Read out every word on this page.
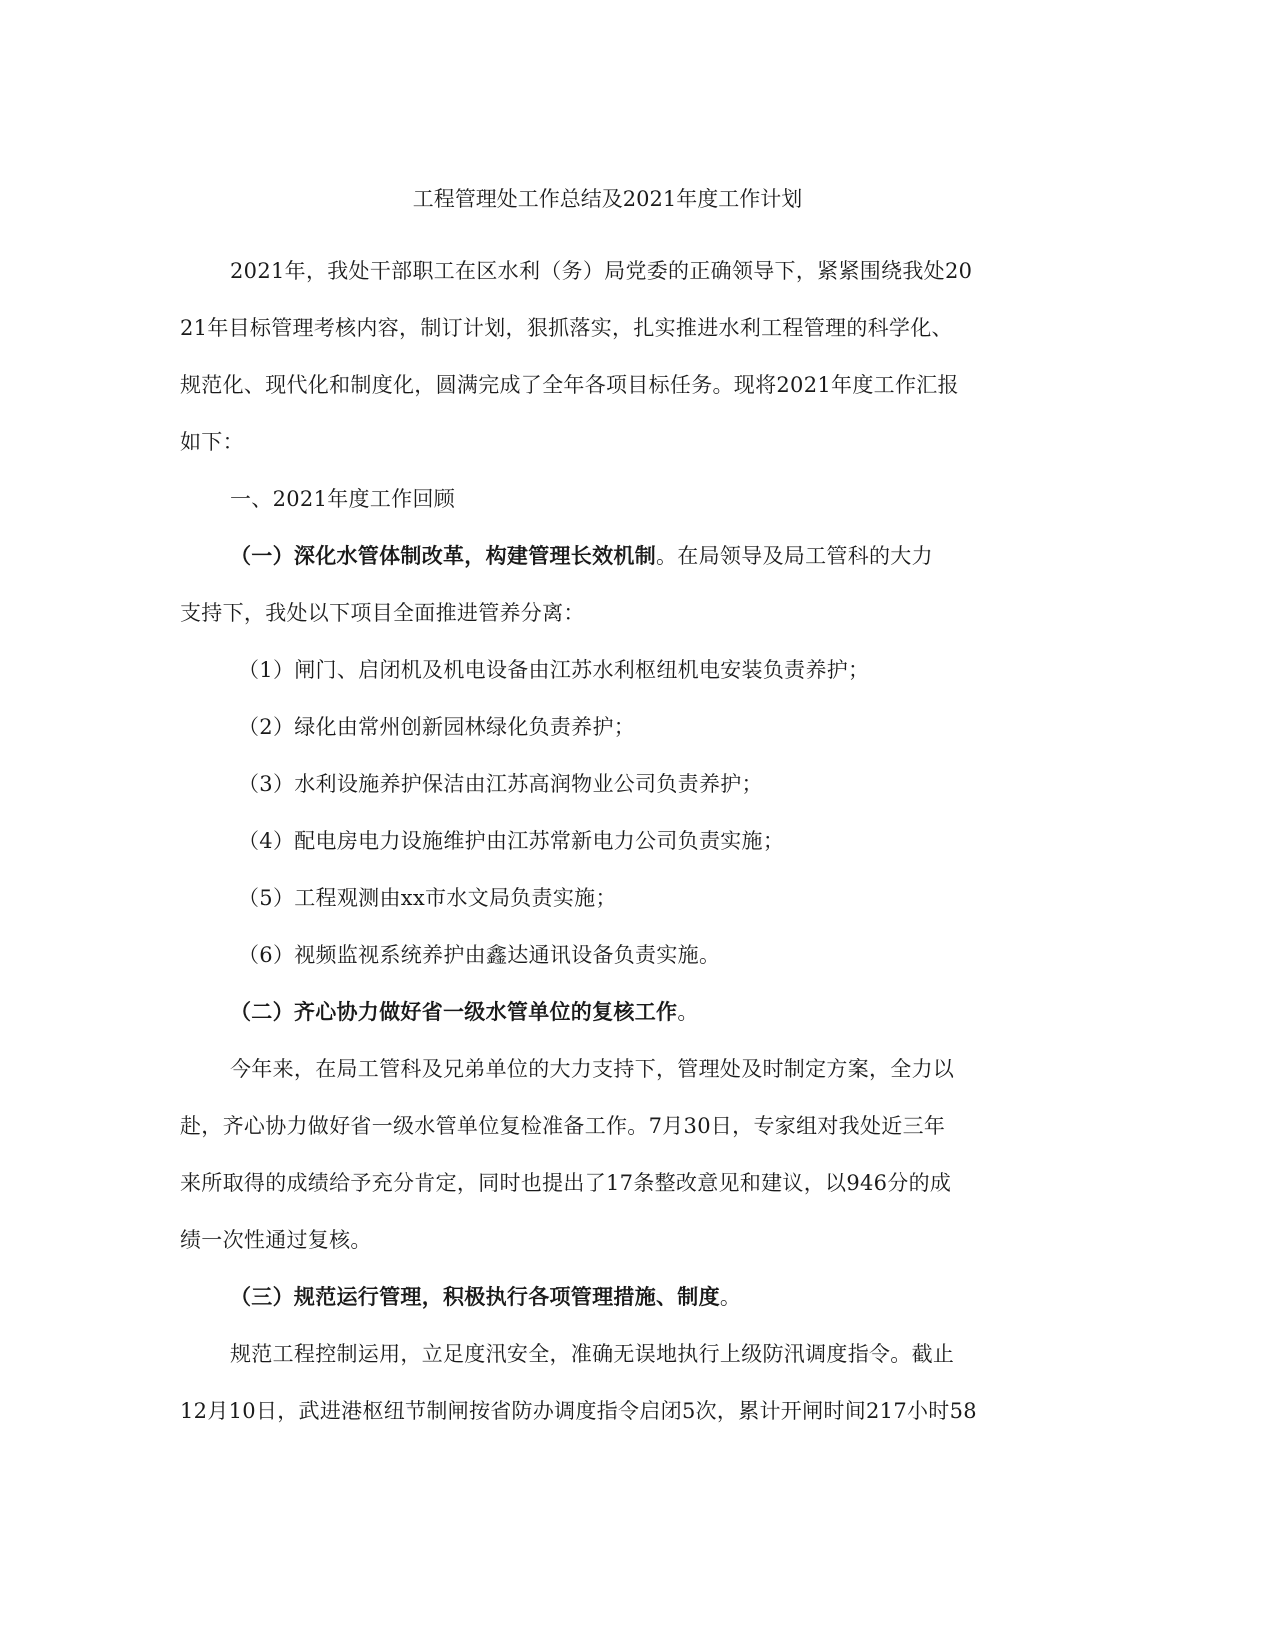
工程管理处工作总结及2021年度工作计划
2021年，我处干部职工在区水利（务）局党委的正确领导下，紧紧围绕我处20
21年目标管理考核内容，制订计划，狠抓落实，扎实推进水利工程管理的科学化、
规范化、现代化和制度化，圆满完成了全年各项目标任务。现将2021年度工作汇报
如下：
一、2021年度工作回顾
（一）深化水管体制改革，构建管理长效机制。在局领导及局工管科的大力
支持下，我处以下项目全面推进管养分离：
（1）闸门、启闭机及机电设备由江苏水利枢纽机电安装负责养护；
（2）绿化由常州创新园林绿化负责养护；
（3）水利设施养护保洁由江苏高润物业公司负责养护；
（4）配电房电力设施维护由江苏常新电力公司负责实施；
（5）工程观测由xx市水文局负责实施；
（6）视频监视系统养护由鑫达通讯设备负责实施。
（二）齐心协力做好省一级水管单位的复核工作。
今年来，在局工管科及兄弟单位的大力支持下，管理处及时制定方案，全力以
赴，齐心协力做好省一级水管单位复检准备工作。7月30日，专家组对我处近三年
来所取得的成绩给予充分肯定，同时也提出了17条整改意见和建议，以946分的成
绩一次性通过复核。
（三）规范运行管理，积极执行各项管理措施、制度。
规范工程控制运用，立足度汛安全，准确无误地执行上级防汛调度指令。截止
12月10日，武进港枢纽节制闸按省防办调度指令启闭5次，累计开闸时间217小时58
